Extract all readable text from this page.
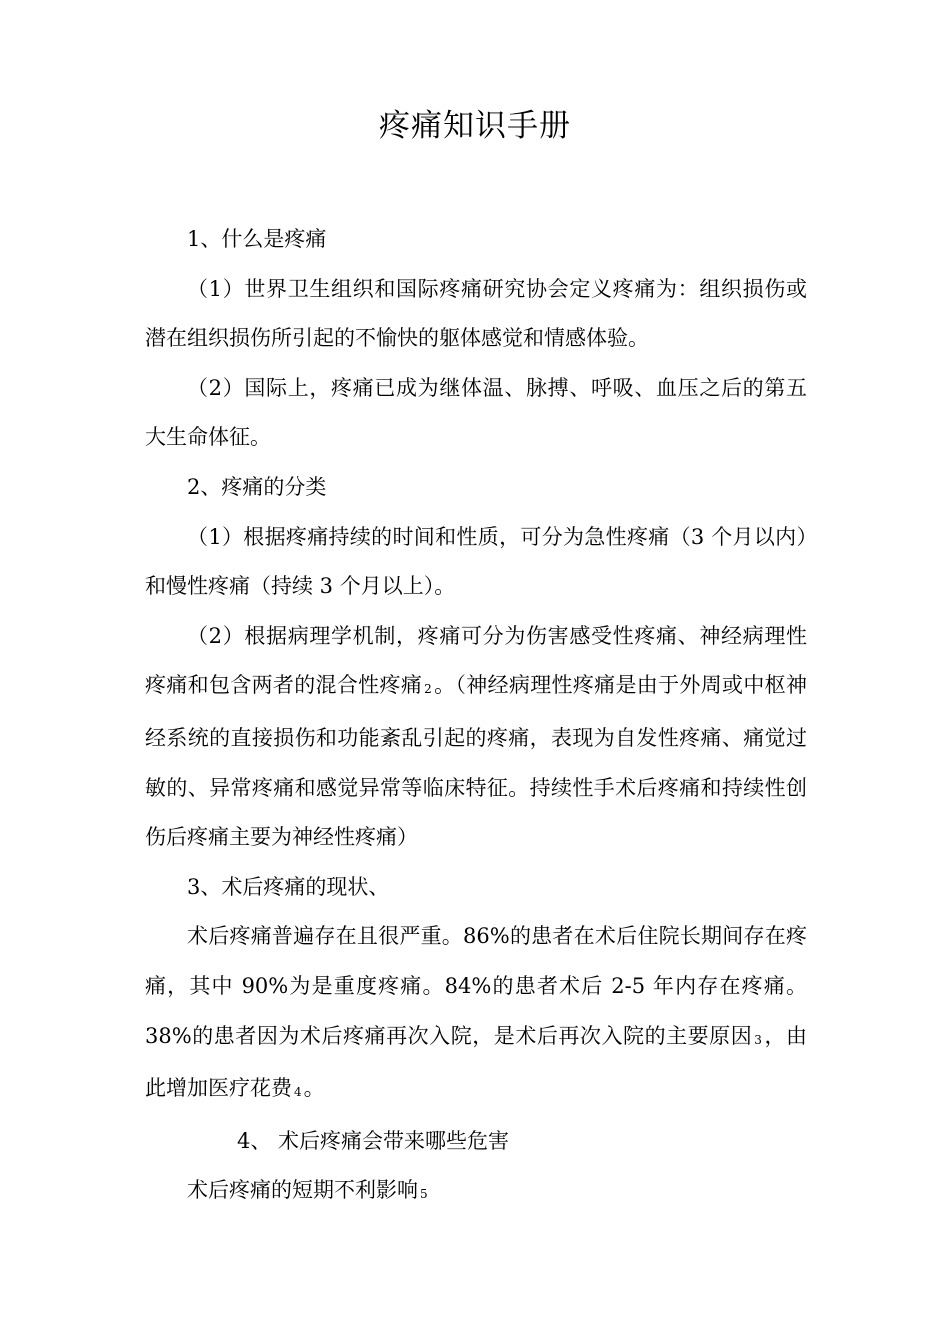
疼痛知识手册

1、什么是疼痛

（1）世界卫生组织和国际疼痛研究协会定义疼痛为：组织损伤或潜在组织损伤所引起的不愉快的躯体感觉和情感体验。

（2）国际上，疼痛已成为继体温、脉搏、呼吸、血压之后的第五大生命体征。

2、疼痛的分类

（1）根据疼痛持续的时间和性质，可分为急性疼痛（3 个月以内）和慢性疼痛（持续 3 个月以上）。

（2）根据病理学机制，疼痛可分为伤害感受性疼痛、神经病理性疼痛和包含两者的混合性疼痛 2。（神经病理性疼痛是由于外周或中枢神经系统的直接损伤和功能紊乱引起的疼痛，表现为自发性疼痛、痛觉过敏的、异常疼痛和感觉异常等临床特征。持续性手术后疼痛和持续性创伤后疼痛主要为神经性疼痛）

3、术后疼痛的现状、

术后疼痛普遍存在且很严重。86%的患者在术后住院长期间存在疼痛，其中 90%为是重度疼痛。84%的患者术后 2-5 年内存在疼痛。38%的患者因为术后疼痛再次入院，是术后再次入院的主要原因 3，由此增加医疗花费 4。

4、 术后疼痛会带来哪些危害

术后疼痛的短期不利影响 5
